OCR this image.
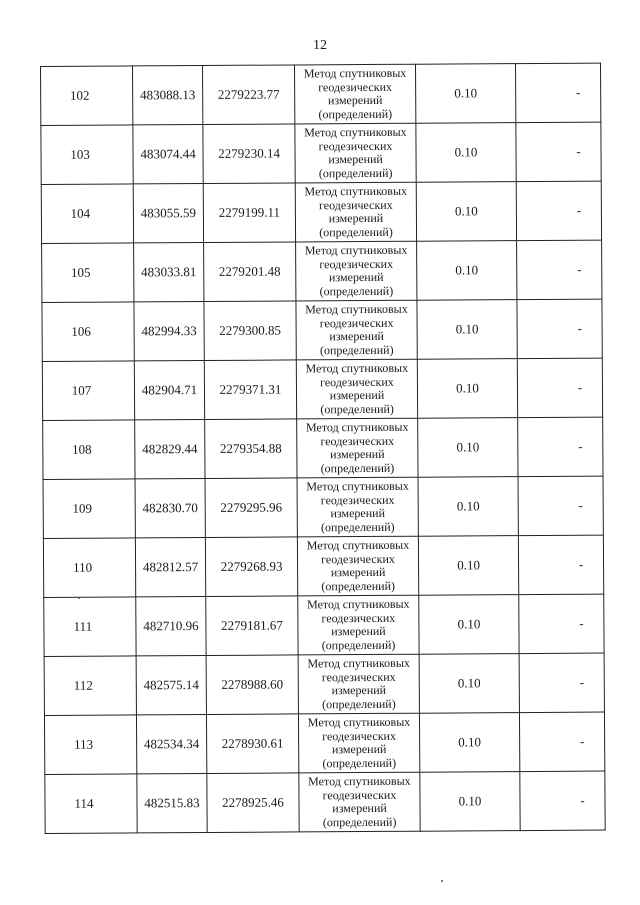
12
102	483088.13	2279223.77	Метод спутниковых
геодезических
измерений
(определений)	0.10	-
103	483074.44	2279230.14	Метод спутниковых
геодезических
измерений
(определений)	0.10	-
104	483055.59	2279199.11	Метод спутниковых
геодезических
измерений
(определений)	0.10	-
105	483033.81	2279201.48	Метод спутниковых
геодезических
измерений
(определений)	0.10	-
106	482994.33	2279300.85	Метод спутниковых
геодезических
измерений
(определений)	0.10	-
107	482904.71	2279371.31	Метод спутниковых
геодезических
измерений
(определений)	0.10	-
108	482829.44	2279354.88	Метод спутниковых
геодезических
измерений
(определений)	0.10	-
109	482830.70	2279295.96	Метод спутниковых
геодезических
измерений
(определений)	0.10	-
110	482812.57	2279268.93	Метод спутниковых
геодезических
измерений
(определений)	0.10	-
111	482710.96	2279181.67	Метод спутниковых
геодезических
измерений
(определений)	0.10	-
112	482575.14	2278988.60	Метод спутниковых
геодезических
измерений
(определений)	0.10	-
113	482534.34	2278930.61	Метод спутниковых
геодезических
измерений
(определений)	0.10	-
114	482515.83	2278925.46	Метод спутниковых
геодезических
измерений
(определений)	0.10	-
